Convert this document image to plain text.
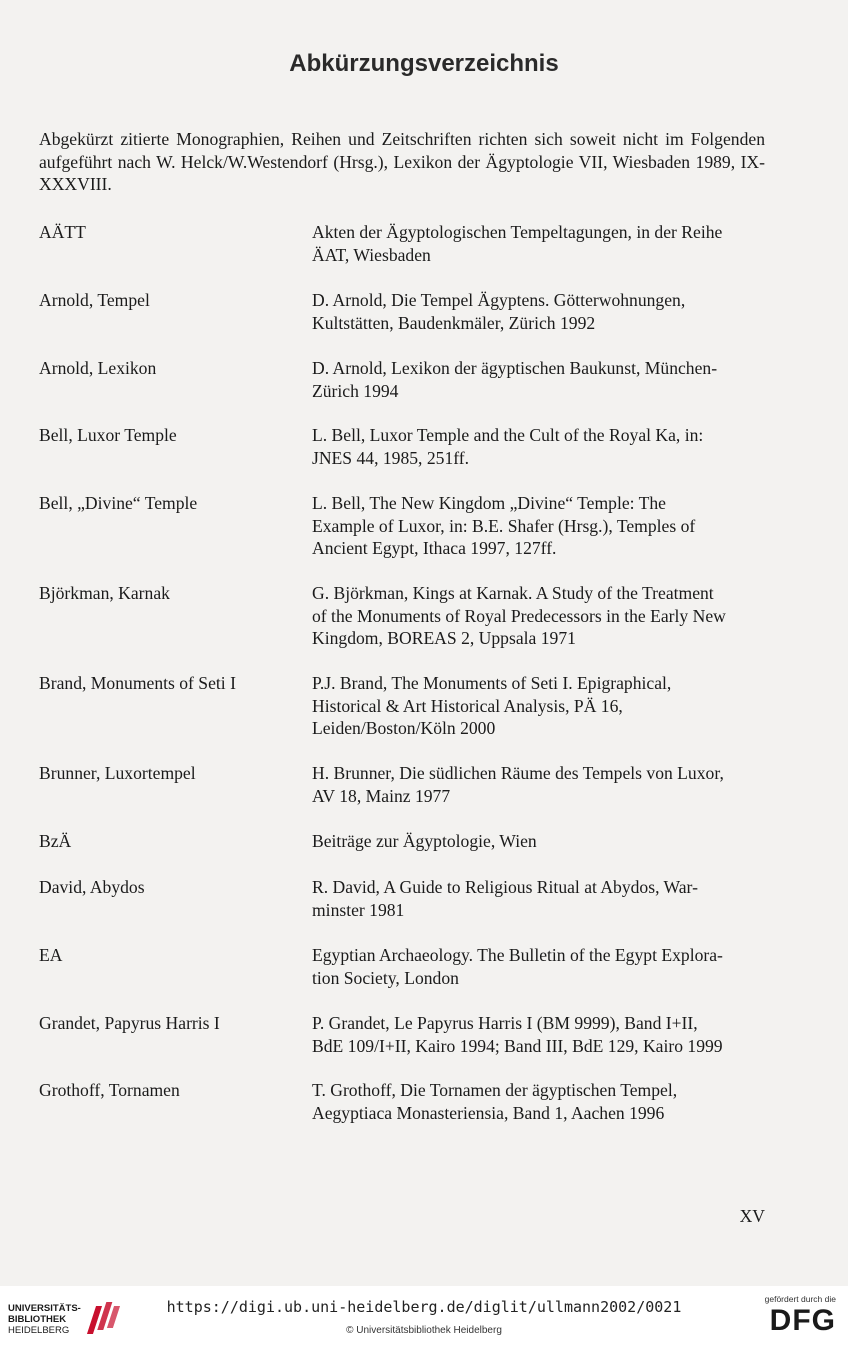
Abkürzungsverzeichnis
Abgekürzt zitierte Monographien, Reihen und Zeitschriften richten sich soweit nicht im Folgenden aufgeführt nach W. Helck/W.Westendorf (Hrsg.), Lexikon der Ägyptologie VII, Wiesbaden 1989, IX-XXXVIII.
AÄTT	Akten der Ägyptologischen Tempeltagungen, in der Reihe
ÄAT, Wiesbaden
Arnold, Tempel	D. Arnold, Die Tempel Ägyptens. Götterwohnungen,
Kultstätten, Baudenkmäler, Zürich 1992
Arnold, Lexikon	D. Arnold, Lexikon der ägyptischen Baukunst, München-
Zürich 1994
Bell, Luxor Temple	L. Bell, Luxor Temple and the Cult of the Royal Ka, in:
JNES 44, 1985, 251ff.
Bell, „Divine“ Temple	L. Bell, The New Kingdom „Divine“ Temple: The
Example of Luxor, in: B.E. Shafer (Hrsg.), Temples of
Ancient Egypt, Ithaca 1997, 127ff.
Björkman, Karnak	G. Björkman, Kings at Karnak. A Study of the Treatment
of the Monuments of Royal Predecessors in the Early New
Kingdom, BOREAS 2, Uppsala 1971
Brand, Monuments of Seti I	P.J. Brand, The Monuments of Seti I. Epigraphical,
Historical & Art Historical Analysis, PÄ 16,
Leiden/Boston/Köln 2000
Brunner, Luxortempel	H. Brunner, Die südlichen Räume des Tempels von Luxor,
AV 18, Mainz 1977
BzÄ	Beiträge zur Ägyptologie, Wien
David, Abydos	R. David, A Guide to Religious Ritual at Abydos, War-
minster 1981
EA	Egyptian Archaeology. The Bulletin of the Egypt Explora-
tion Society, London
Grandet, Papyrus Harris I	P. Grandet, Le Papyrus Harris I (BM 9999), Band I+II,
BdE 109/I+II, Kairo 1994; Band III, BdE 129, Kairo 1999
Grothoff, Tornamen	T. Grothoff, Die Tornamen der ägyptischen Tempel,
Aegyptiaca Monasteriensia, Band 1, Aachen 1996
XV
UNIVERSITÄTS-
BIBLIOTHEK
HEIDELBERG
https://digi.ub.uni-heidelberg.de/diglit/ullmann2002/0021
© Universitätsbibliothek Heidelberg
gefördert durch die
DFG
